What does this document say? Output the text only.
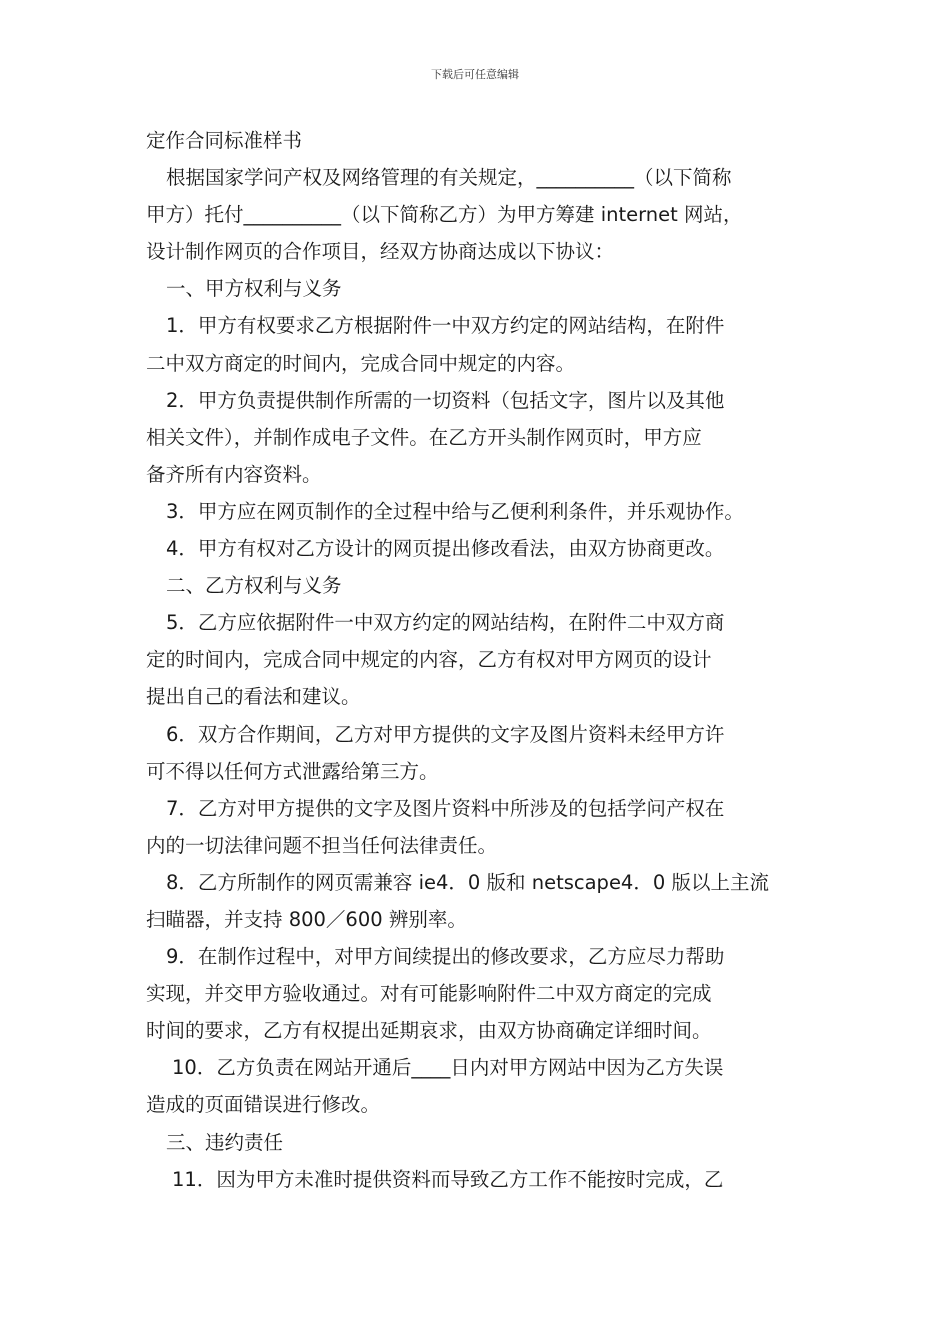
下载后可任意编辑

定作合同标准样书

根据国家学问产权及网络管理的有关规定，__________（以下简称

甲方）托付__________（以下简称乙方）为甲方筹建 internet 网站，

设计制作网页的合作项目，经双方协商达成以下协议：

一、甲方权利与义务

1．甲方有权要求乙方根据附件一中双方约定的网站结构，在附件

二中双方商定的时间内，完成合同中规定的内容。

2．甲方负责提供制作所需的一切资料（包括文字，图片以及其他

相关文件），并制作成电子文件。在乙方开头制作网页时，甲方应

备齐所有内容资料。

3．甲方应在网页制作的全过程中给与乙便利利条件，并乐观协作。

4．甲方有权对乙方设计的网页提出修改看法，由双方协商更改。

二、乙方权利与义务

5．乙方应依据附件一中双方约定的网站结构，在附件二中双方商

定的时间内，完成合同中规定的内容，乙方有权对甲方网页的设计

提出自己的看法和建议。

6．双方合作期间，乙方对甲方提供的文字及图片资料未经甲方许

可不得以任何方式泄露给第三方。

7．乙方对甲方提供的文字及图片资料中所涉及的包括学问产权在

内的一切法律问题不担当任何法律责任。

8．乙方所制作的网页需兼容 ie4．0 版和 netscape4．0 版以上主流

扫瞄器，并支持 800／600 辨别率。

9．在制作过程中，对甲方间续提出的修改要求，乙方应尽力帮助

实现，并交甲方验收通过。对有可能影响附件二中双方商定的完成

时间的要求，乙方有权提出延期哀求，由双方协商确定详细时间。

10．乙方负责在网站开通后____日内对甲方网站中因为乙方失误

造成的页面错误进行修改。

三、违约责任

11．因为甲方未准时提供资料而导致乙方工作不能按时完成，乙
